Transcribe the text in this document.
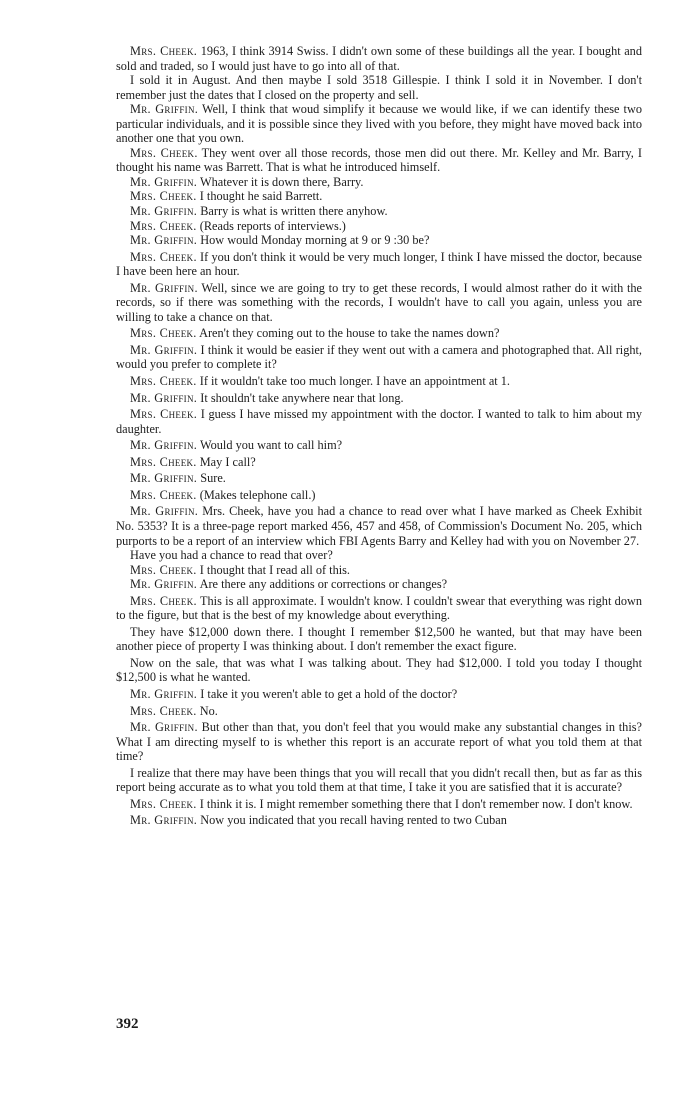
Mrs. Cheek. 1963, I think 3914 Swiss. I didn't own some of these buildings all the year. I bought and sold and traded, so I would just have to go into all of that.

I sold it in August. And then maybe I sold 3518 Gillespie. I think I sold it in November. I don't remember just the dates that I closed on the property and sell.

Mr. Griffin. Well, I think that woud simplify it because we would like, if we can identify these two particular individuals, and it is possible since they lived with you before, they might have moved back into another one that you own.

Mrs. Cheek. They went over all those records, those men did out there. Mr. Kelley and Mr. Barry, I thought his name was Barrett. That is what he introduced himself.

Mr. Griffin. Whatever it is down there, Barry.

Mrs. Cheek. I thought he said Barrett.

Mr. Griffin. Barry is what is written there anyhow.

Mrs. Cheek. (Reads reports of interviews.)

Mr. Griffin. How would Monday morning at 9 or 9 :30 be?

Mrs. Cheek. If you don't think it would be very much longer, I think I have missed the doctor, because I have been here an hour.

Mr. Griffin. Well, since we are going to try to get these records, I would almost rather do it with the records, so if there was something with the records, I wouldn't have to call you again, unless you are willing to take a chance on that.

Mrs. Cheek. Aren't they coming out to the house to take the names down?

Mr. Griffin. I think it would be easier if they went out with a camera and photographed that. All right, would you prefer to complete it?

Mrs. Cheek. If it wouldn't take too much longer. I have an appointment at 1.

Mr. Griffin. It shouldn't take anywhere near that long.

Mrs. Cheek. I guess I have missed my appointment with the doctor. I wanted to talk to him about my daughter.

Mr. Griffin. Would you want to call him?

Mrs. Cheek. May I call?

Mr. Griffin. Sure.

Mrs. Cheek. (Makes telephone call.)

Mr. Griffin. Mrs. Cheek, have you had a chance to read over what I have marked as Cheek Exhibit No. 5353? It is a three-page report marked 456, 457 and 458, of Commission's Document No. 205, which purports to be a report of an interview which FBI Agents Barry and Kelley had with you on November 27.

Have you had a chance to read that over?

Mrs. Cheek. I thought that I read all of this.

Mr. Griffin. Are there any additions or corrections or changes?

Mrs. Cheek. This is all approximate. I wouldn't know. I couldn't swear that everything was right down to the figure, but that is the best of my knowledge about everything.

They have $12,000 down there. I thought I remember $12,500 he wanted, but that may have been another piece of property I was thinking about. I don't remember the exact figure.

Now on the sale, that was what I was talking about. They had $12,000. I told you today I thought $12,500 is what he wanted.

Mr. Griffin. I take it you weren't able to get a hold of the doctor?

Mrs. Cheek. No.

Mr. Griffin. But other than that, you don't feel that you would make any substantial changes in this? What I am directing myself to is whether this report is an accurate report of what you told them at that time?

I realize that there may have been things that you will recall that you didn't recall then, but as far as this report being accurate as to what you told them at that time, I take it you are satisfied that it is accurate?

Mrs. Cheek. I think it is. I might remember something there that I don't remember now. I don't know.

Mr. Griffin. Now you indicated that you recall having rented to two Cuban

392
